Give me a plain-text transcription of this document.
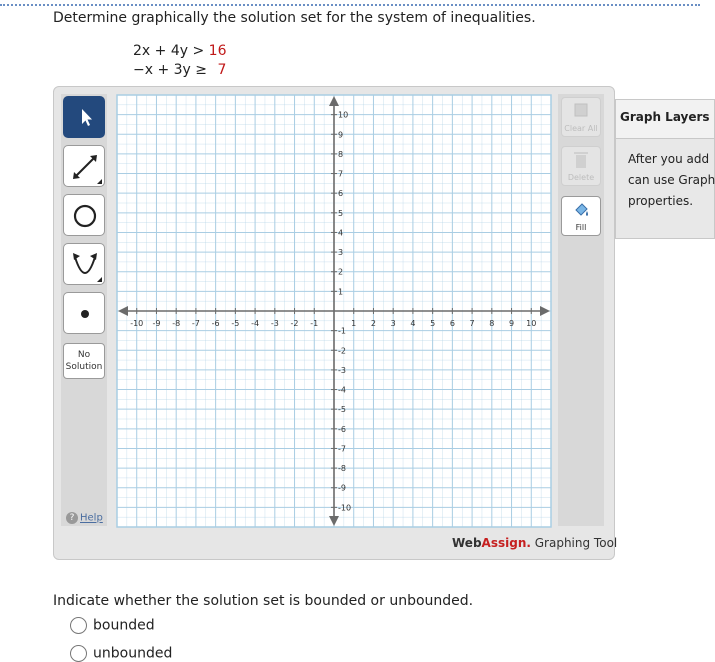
Determine graphically the solution set for the system of inequalities.
2x + 4y > 16
−x + 3y ≥ 7
No
Solution
? Help
-10 -9 -8 -7 -6 -5 -4 -3 -2 -1	1 2 3 4 5 6 7 8 9 10
10
9
8
7
6
5
4
3
2
1
-1
-2
-3
-4
-5
-6
-7
-8
-9
-10
Clear All
Delete
Fill
WebAssign. Graphing Tool
Graph Layers
After you add
can use Graph
properties.
Indicate whether the solution set is bounded or unbounded.
bounded
unbounded
